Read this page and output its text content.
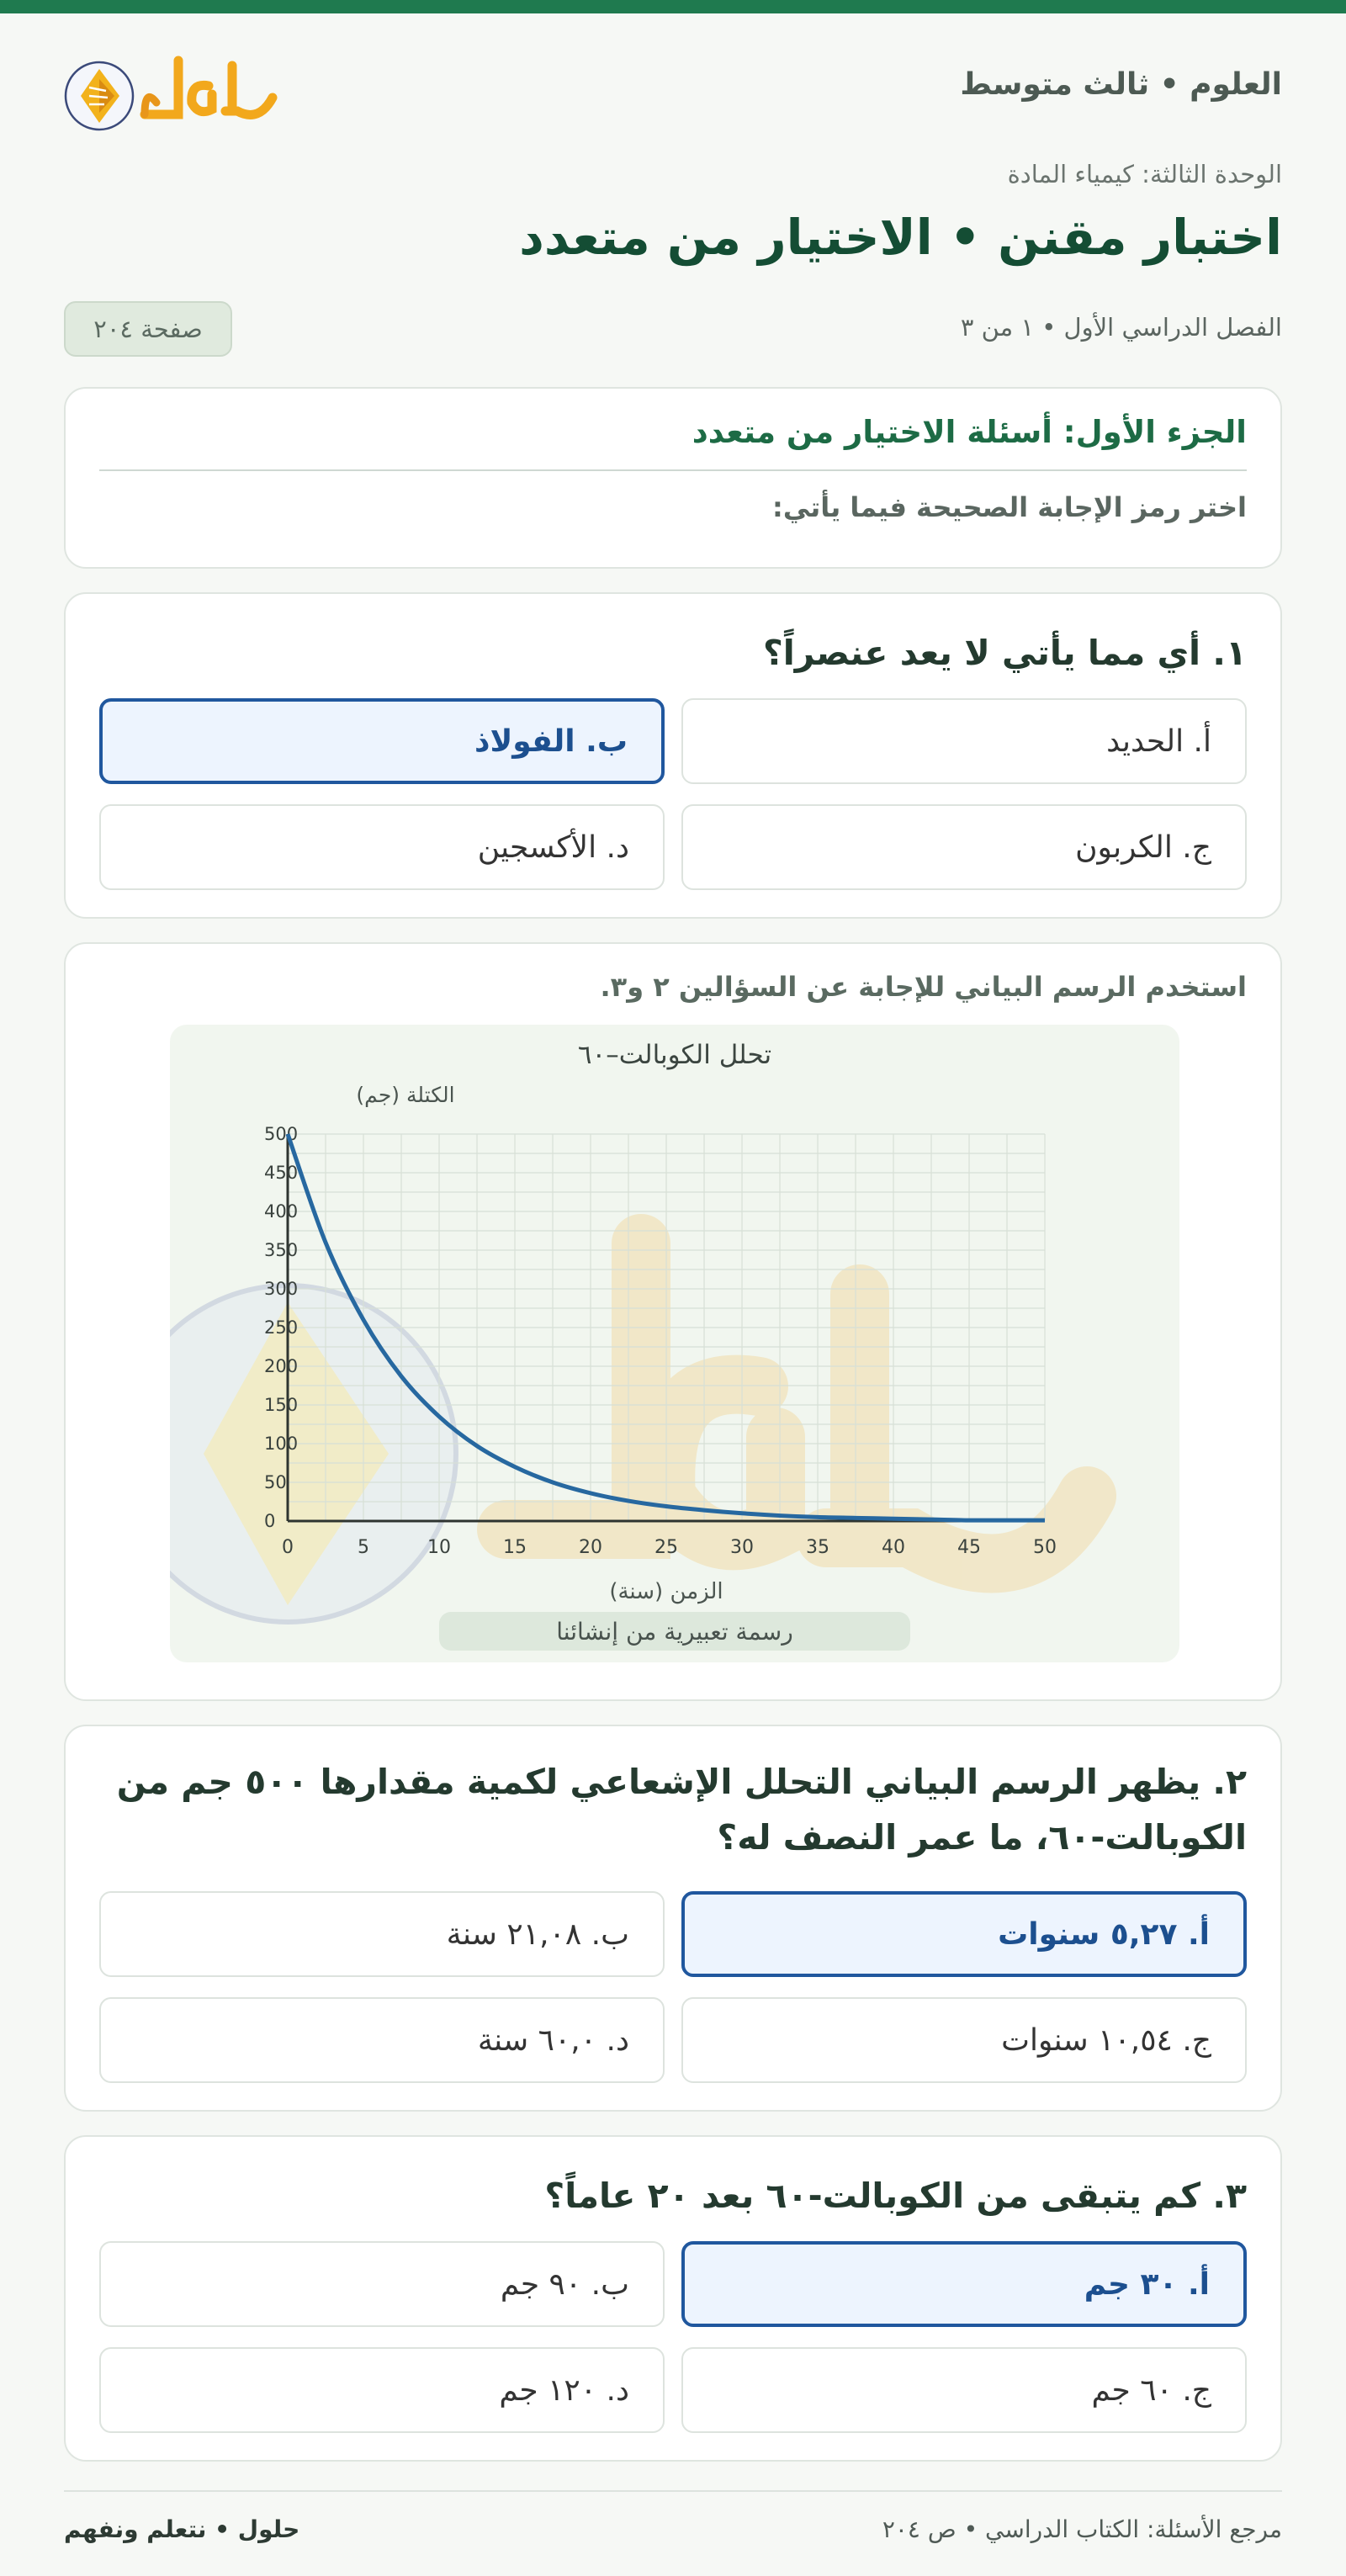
العلوم • ثالث متوسط
الوحدة الثالثة: كيمياء المادة
اختبار مقنن • الاختيار من متعدد
الفصل الدراسي الأول • ١ من ٣
صفحة ٢٠٤
الجزء الأول: أسئلة الاختيار من متعدد
اختر رمز الإجابة الصحيحة فيما يأتي:

١. أي مما يأتي لا يعد عنصراً؟

أ. الحديد
ب. الفولاذ
ج. الكربون
د. الأكسجين
استخدم الرسم البياني للإجابة عن السؤالين ٢ و٣.
0	5	10	15	20	25	30	35	40	45	50
0
50
100
150
200
250
300
350
400
450
500
تحلل الكوبالت–٦٠
الكتلة (جم)
الزمن (سنة)
رسمة تعبيرية من إنشائنا

٢. يظهر الرسم البياني التحلل الإشعاعي لكمية مقدارها ٥٠٠ جم من الكوبالت-٦٠، ما عمر النصف له؟

أ. ٥,٢٧ سنوات
ب. ٢١,٠٨ سنة
ج. ١٠,٥٤ سنوات
د. ٦٠,٠ سنة

٣. كم يتبقى من الكوبالت-٦٠ بعد ٢٠ عاماً؟

أ. ٣٠ جم
ب. ٩٠ جم
ج. ٦٠ جم
د. ١٢٠ جم
مرجع الأسئلة: الكتاب الدراسي • ص ٢٠٤
حلول • نتعلم ونفهم
